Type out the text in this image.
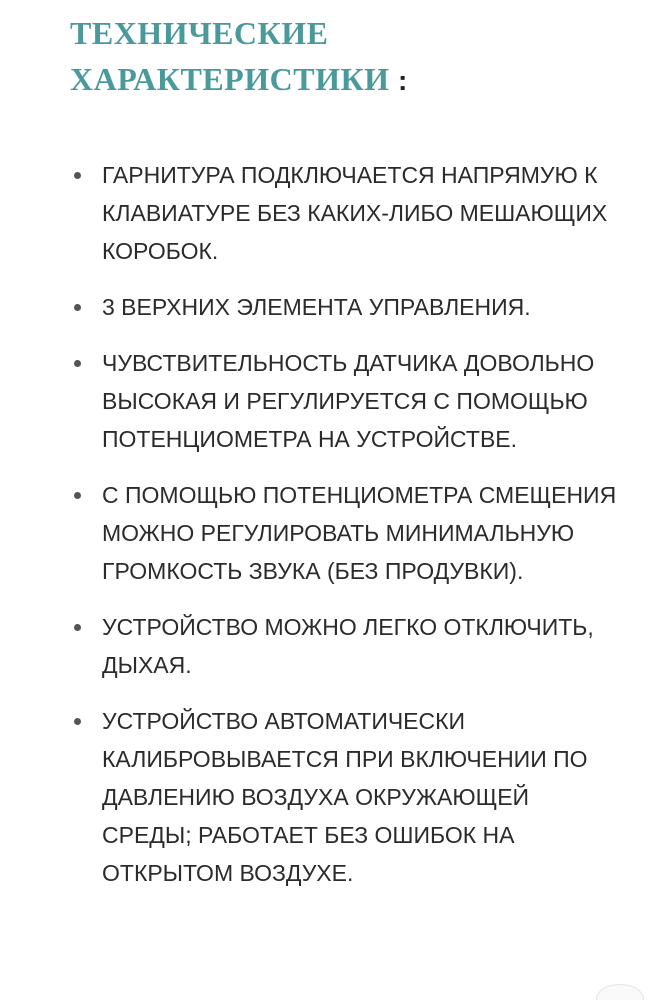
ТЕХНИЧЕСКИЕ ХАРАКТЕРИСТИКИ :
ГАРНИТУРА ПОДКЛЮЧАЕТСЯ НАПРЯМУЮ К КЛАВИАТУРЕ БЕЗ КАКИХ-ЛИБО МЕШАЮЩИХ КОРОБОК.
3 ВЕРХНИХ ЭЛЕМЕНТА УПРАВЛЕНИЯ.
ЧУВСТВИТЕЛЬНОСТЬ ДАТЧИКА ДОВОЛЬНО ВЫСОКАЯ И РЕГУЛИРУЕТСЯ С ПОМОЩЬЮ ПОТЕНЦИОМЕТРА НА УСТРОЙСТВЕ.
С ПОМОЩЬЮ ПОТЕНЦИОМЕТРА СМЕЩЕНИЯ МОЖНО РЕГУЛИРОВАТЬ МИНИМАЛЬНУЮ ГРОМКОСТЬ ЗВУКА (БЕЗ ПРОДУВКИ).
УСТРОЙСТВО МОЖНО ЛЕГКО ОТКЛЮЧИТЬ, ДЫХАЯ.
УСТРОЙСТВО АВТОМАТИЧЕСКИ КАЛИБРОВЫВАЕТСЯ ПРИ ВКЛЮЧЕНИИ ПО ДАВЛЕНИЮ ВОЗДУХА ОКРУЖАЮЩЕЙ СРЕДЫ; РАБОТАЕТ БЕЗ ОШИБОК НА ОТКРЫТОМ ВОЗДУХЕ.
